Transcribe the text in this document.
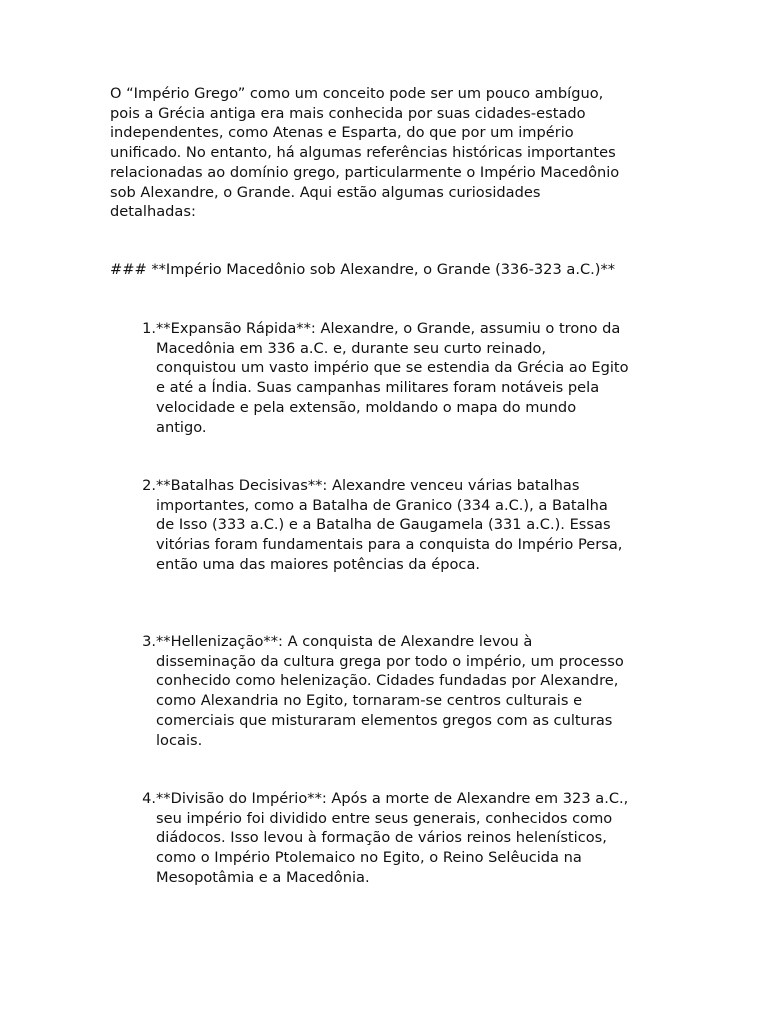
O “Império Grego” como um conceito pode ser um pouco ambíguo,
pois a Grécia antiga era mais conhecida por suas cidades-estado
independentes, como Atenas e Esparta, do que por um império
unificado. No entanto, há algumas referências históricas importantes
relacionadas ao domínio grego, particularmente o Império Macedônio
sob Alexandre, o Grande. Aqui estão algumas curiosidades
detalhadas:
### **Império Macedônio sob Alexandre, o Grande (336-323 a.C.)**
1. **Expansão Rápida**: Alexandre, o Grande, assumiu o trono da
Macedônia em 336 a.C. e, durante seu curto reinado,
conquistou um vasto império que se estendia da Grécia ao Egito
e até a Índia. Suas campanhas militares foram notáveis pela
velocidade e pela extensão, moldando o mapa do mundo
antigo.
2. **Batalhas Decisivas**: Alexandre venceu várias batalhas
importantes, como a Batalha de Granico (334 a.C.), a Batalha
de Isso (333 a.C.) e a Batalha de Gaugamela (331 a.C.). Essas
vitórias foram fundamentais para a conquista do Império Persa,
então uma das maiores potências da época.
3. **Hellenização**: A conquista de Alexandre levou à
disseminação da cultura grega por todo o império, um processo
conhecido como helenização. Cidades fundadas por Alexandre,
como Alexandria no Egito, tornaram-se centros culturais e
comerciais que misturaram elementos gregos com as culturas
locais.
4. **Divisão do Império**: Após a morte de Alexandre em 323 a.C.,
seu império foi dividido entre seus generais, conhecidos como
diádocos. Isso levou à formação de vários reinos helenísticos,
como o Império Ptolemaico no Egito, o Reino Selêucida na
Mesopotâmia e a Macedônia.
